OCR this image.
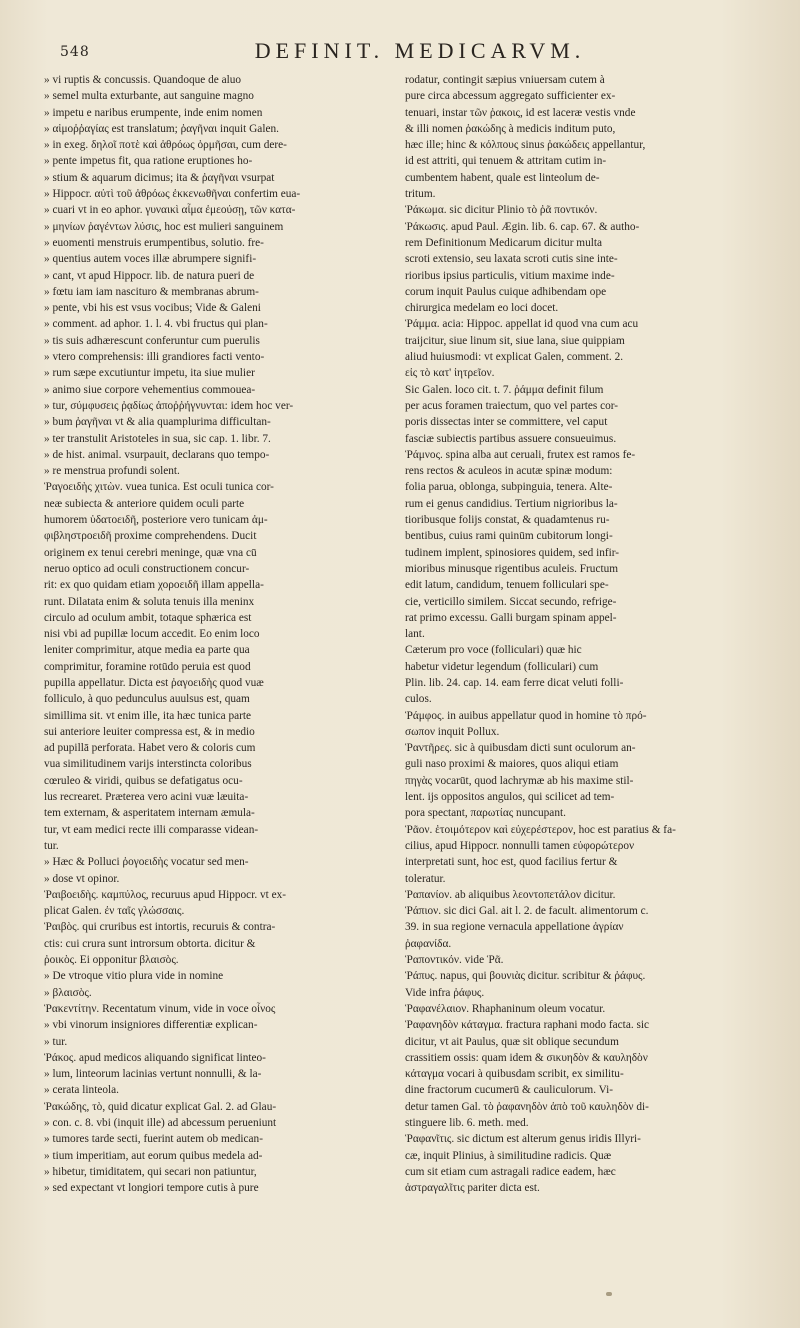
548	DEFINIT. MEDICARVM.
» vi ruptis & concussis. Quandoque de aluo
» semel multa exturbante, aut sanguine magno
» impetu e naribus erumpente, inde enim nomen
» αἱμοῤῥαγίας est translatum; ῥαγῆναι inquit Galen.
» in exeg. δηλοῖ ποτὲ καὶ ἀθρόως ὁρμῆσαι, cum dere-
» pente impetus fit, qua ratione eruptiones ho-
» stium & aquarum dicimus; ita & ῥαγῆναι vsurpat
» Hippocr. αὐτὶ τοῦ ἀθρόως ἐκκενωθῆναι confertim eua-
» cuari vt in eo aphor. γυναικὶ αἷμα ἐμεούσῃ, τῶν κατα-
» μηνίων ῥαγέντων λύσις, hoc est mulieri sanguinem
» euomenti menstruis erumpentibus, solutio. fre-
» quentius autem voces illæ abrumpere signifi-
» cant, vt apud Hippocr. lib. de natura pueri de
» fœtu iam iam nascituro & membranas abrum-
» pente, vbi his est vsus vocibus; Vide & Galeni
» comment. ad aphor. 1. l. 4. vbi fructus qui plan-
» tis suis adhærescunt conferuntur cum puerulis
» vtero comprehensis: illi grandiores facti vento-
» rum sæpe excutiuntur impetu, ita siue mulier
» animo siue corpore vehementius commouea-
» tur, σύμφυσεις ῥᾳδίως ἀποῤῥήγνυνται: idem hoc ver-
» bum ῥαγῆναι vt & alia quamplurima difficultan-
» ter transtulit Aristoteles in sua, sic cap. 1. libr. 7.
» de hist. animal. vsurpauit, declarans quo tempo-
» re menstrua profundi solent.
Ῥαγοειδὴς χιτὼν. vuea tunica. Est oculi tunica cor-
neæ subiecta & anteriore quidem oculi parte
humorem ὑδατοειδῆ, posteriore vero tunicam ἀμ-
φιβληστροειδῆ proxime comprehendens. Ducit
originem ex tenui cerebri meninge, quæ vna cū
neruo optico ad oculi constructionem concur-
rit: ex quo quidam etiam χοροειδῆ illam appella-
runt. Dilatata enim & soluta tenuis illa meninx
circulo ad oculum ambit, totaque sphærica est
nisi vbi ad pupillæ locum accedit. Eo enim loco
leniter comprimitur, atque media ea parte qua
comprimitur, foramine rotūdo peruia est quod
pupilla appellatur. Dicta est ῥαγοειδὴς quod vuæ
folliculo, à quo pedunculus auulsus est, quam
simillima sit. vt enim ille, ita hæc tunica parte
sui anteriore leuiter compressa est, & in medio
ad pupillā perforata. Habet vero & coloris cum
vua similitudinem varijs interstincta coloribus
cœruleo & viridi, quibus se defatigatus ocu-
lus recrearet. Præterea vero acini vuæ læuita-
tem externam, & asperitatem internam æmula-
tur, vt eam medici recte illi comparasse videan-
tur.
» Hæc & Polluci ῥογοειδὴς vocatur sed men-
» dose vt opinor.
Ῥαιβοειδὴς. καμπύλος, recuruus apud Hippocr. vt ex-
plicat Galen. ἐν ταῖς γλώσσαις.
Ῥαιβὸς. qui cruribus est intortis, recuruis & contra-
ctis: cui crura sunt introrsum obtorta. dicitur &
ῥοικὸς. Ei opponitur βλαισὸς.
» De vtroque vitio plura vide in nomine
» βλαισὸς.
Ῥακεντίτην. Recentatum vinum, vide in voce οἶνος
» vbi vinorum insigniores differentiæ explican-
» tur.
Ῥάκος. apud medicos aliquando significat linteo-
» lum, linteorum lacinias vertunt nonnulli, & la-
» cerata linteola.
Ῥακώδης, τὸ, quid dicatur explicat Gal. 2. ad Glau-
» con. c. 8. vbi (inquit ille) ad abcessum perueniunt
» tumores tarde secti, fuerint autem ob medican-
» tium imperitiam, aut eorum quibus medela ad-
» hibetur, timiditatem, qui secari non patiuntur,
» sed expectant vt longiori tempore cutis à pure
rodatur, contingit sæpius vniuersam cutem à
pure circa abcessum aggregato sufficienter ex-
tenuari, instar τῶν ῥακοις, id est laceræ vestis vnde
& illi nomen ῥακώδης à medicis inditum puto,
hæc ille; hinc & κόλπους sinus ῥακώδεις appellantur,
id est attriti, qui tenuem & attritam cutim in-
cumbentem habent, quale est linteolum de-
tritum.
Ῥάκωμα. sic dicitur Plinio τὸ ῥᾶ ποντικόν.
Ῥάκωσις. apud Paul. Ægin. lib. 6. cap. 67. & autho-
rem Definitionum Medicarum dicitur multa
scroti extensio, seu laxata scroti cutis sine inte-
rioribus ipsius particulis, vitium maxime inde-
corum inquit Paulus cuique adhibendam ope
chirurgica medelam eo loci docet.
Ῥάμμα. acia: Hippoc. appellat id quod vna cum acu
traijcitur, siue linum sit, siue lana, siue quippiam
aliud huiusmodi: vt explicat Galen, comment. 2.
εἰς τὸ κατ' ἰητρεῖον.
Sic Galen. loco cit. t. 7. ῥάμμα definit filum
per acus foramen traiectum, quo vel partes cor-
poris dissectas inter se committere, vel caput
fasciæ subiectis partibus assuere consueuimus.
Ῥάμνος. spina alba aut ceruali, frutex est ramos fe-
rens rectos & aculeos in acutæ spinæ modum:
folia parua, oblonga, subpinguia, tenera. Alte-
rum ei genus candidius. Tertium nigrioribus la-
tioribusque folijs constat, & quadamtenus ru-
bentibus, cuius rami quinūm cubitorum longi-
tudinem implent, spinosiores quidem, sed infir-
mioribus minusque rigentibus aculeis. Fructum
edit latum, candidum, tenuem folliculari spe-
cie, verticillo similem. Siccat secundo, refrige-
rat primo excessu. Galli burgam spinam appel-
lant.
Cæterum pro voce (folliculari) quæ hic
habetur videtur legendum (folliculari) cum
Plin. lib. 24. cap. 14. eam ferre dicat veluti folli-
culos.
Ῥάμφος. in auibus appellatur quod in homine τὸ πρό-
σωπον inquit Pollux.
Ῥαντῆρες. sic à quibusdam dicti sunt oculorum an-
guli naso proximi & maiores, quos aliqui etiam
πηγὰς vocarūt, quod lachrymæ ab his maxime stil-
lent. ijs oppositos angulos, qui scilicet ad tem-
pora spectant, παρωτίας nuncupant.
Ῥᾶον. ἑτοιμότερον καὶ εὐχερέστερον, hoc est paratius & fa-
cilius, apud Hippocr. nonnulli tamen εὐφορώτερον
interpretati sunt, hoc est, quod facilius fertur &
toleratur.
Ῥαπανίον. ab aliquibus λεοντοπετάλον dicitur.
Ῥάπιον. sic dici Gal. ait l. 2. de facult. alimentorum c.
39. in sua regione vernacula appellatione ἀγρίαν
ῥαφανίδα.
Ῥαποντικόν. vide Ῥᾶ.
Ῥάπυς. napus, qui βουνιὰς dicitur. scribitur & ῥάφυς.
Vide infra ῥάφυς.
Ῥαφανέλαιον. Rhaphaninum oleum vocatur.
Ῥαφανηδὸν κάταγμα. fractura raphani modo facta. sic
dicitur, vt ait Paulus, quæ sit oblique secundum
crassitiem ossis: quam idem & σικυηδὸν & καυληδὸν
κάταγμα vocari à quibusdam scribit, ex similitu-
dine fractorum cucumerū & cauliculorum. Vi-
detur tamen Gal. τὸ ῥαφανηδὸν ἀπὸ τοῦ καυληδὸν di-
stinguere lib. 6. meth. med.
Ῥαφανῖτις. sic dictum est alterum genus iridis Illyri-
cæ, inquit Plinius, à similitudine radicis. Quæ
cum sit etiam cum astragali radice eadem, hæc
ἀστραγαλῖτις pariter dicta est.
